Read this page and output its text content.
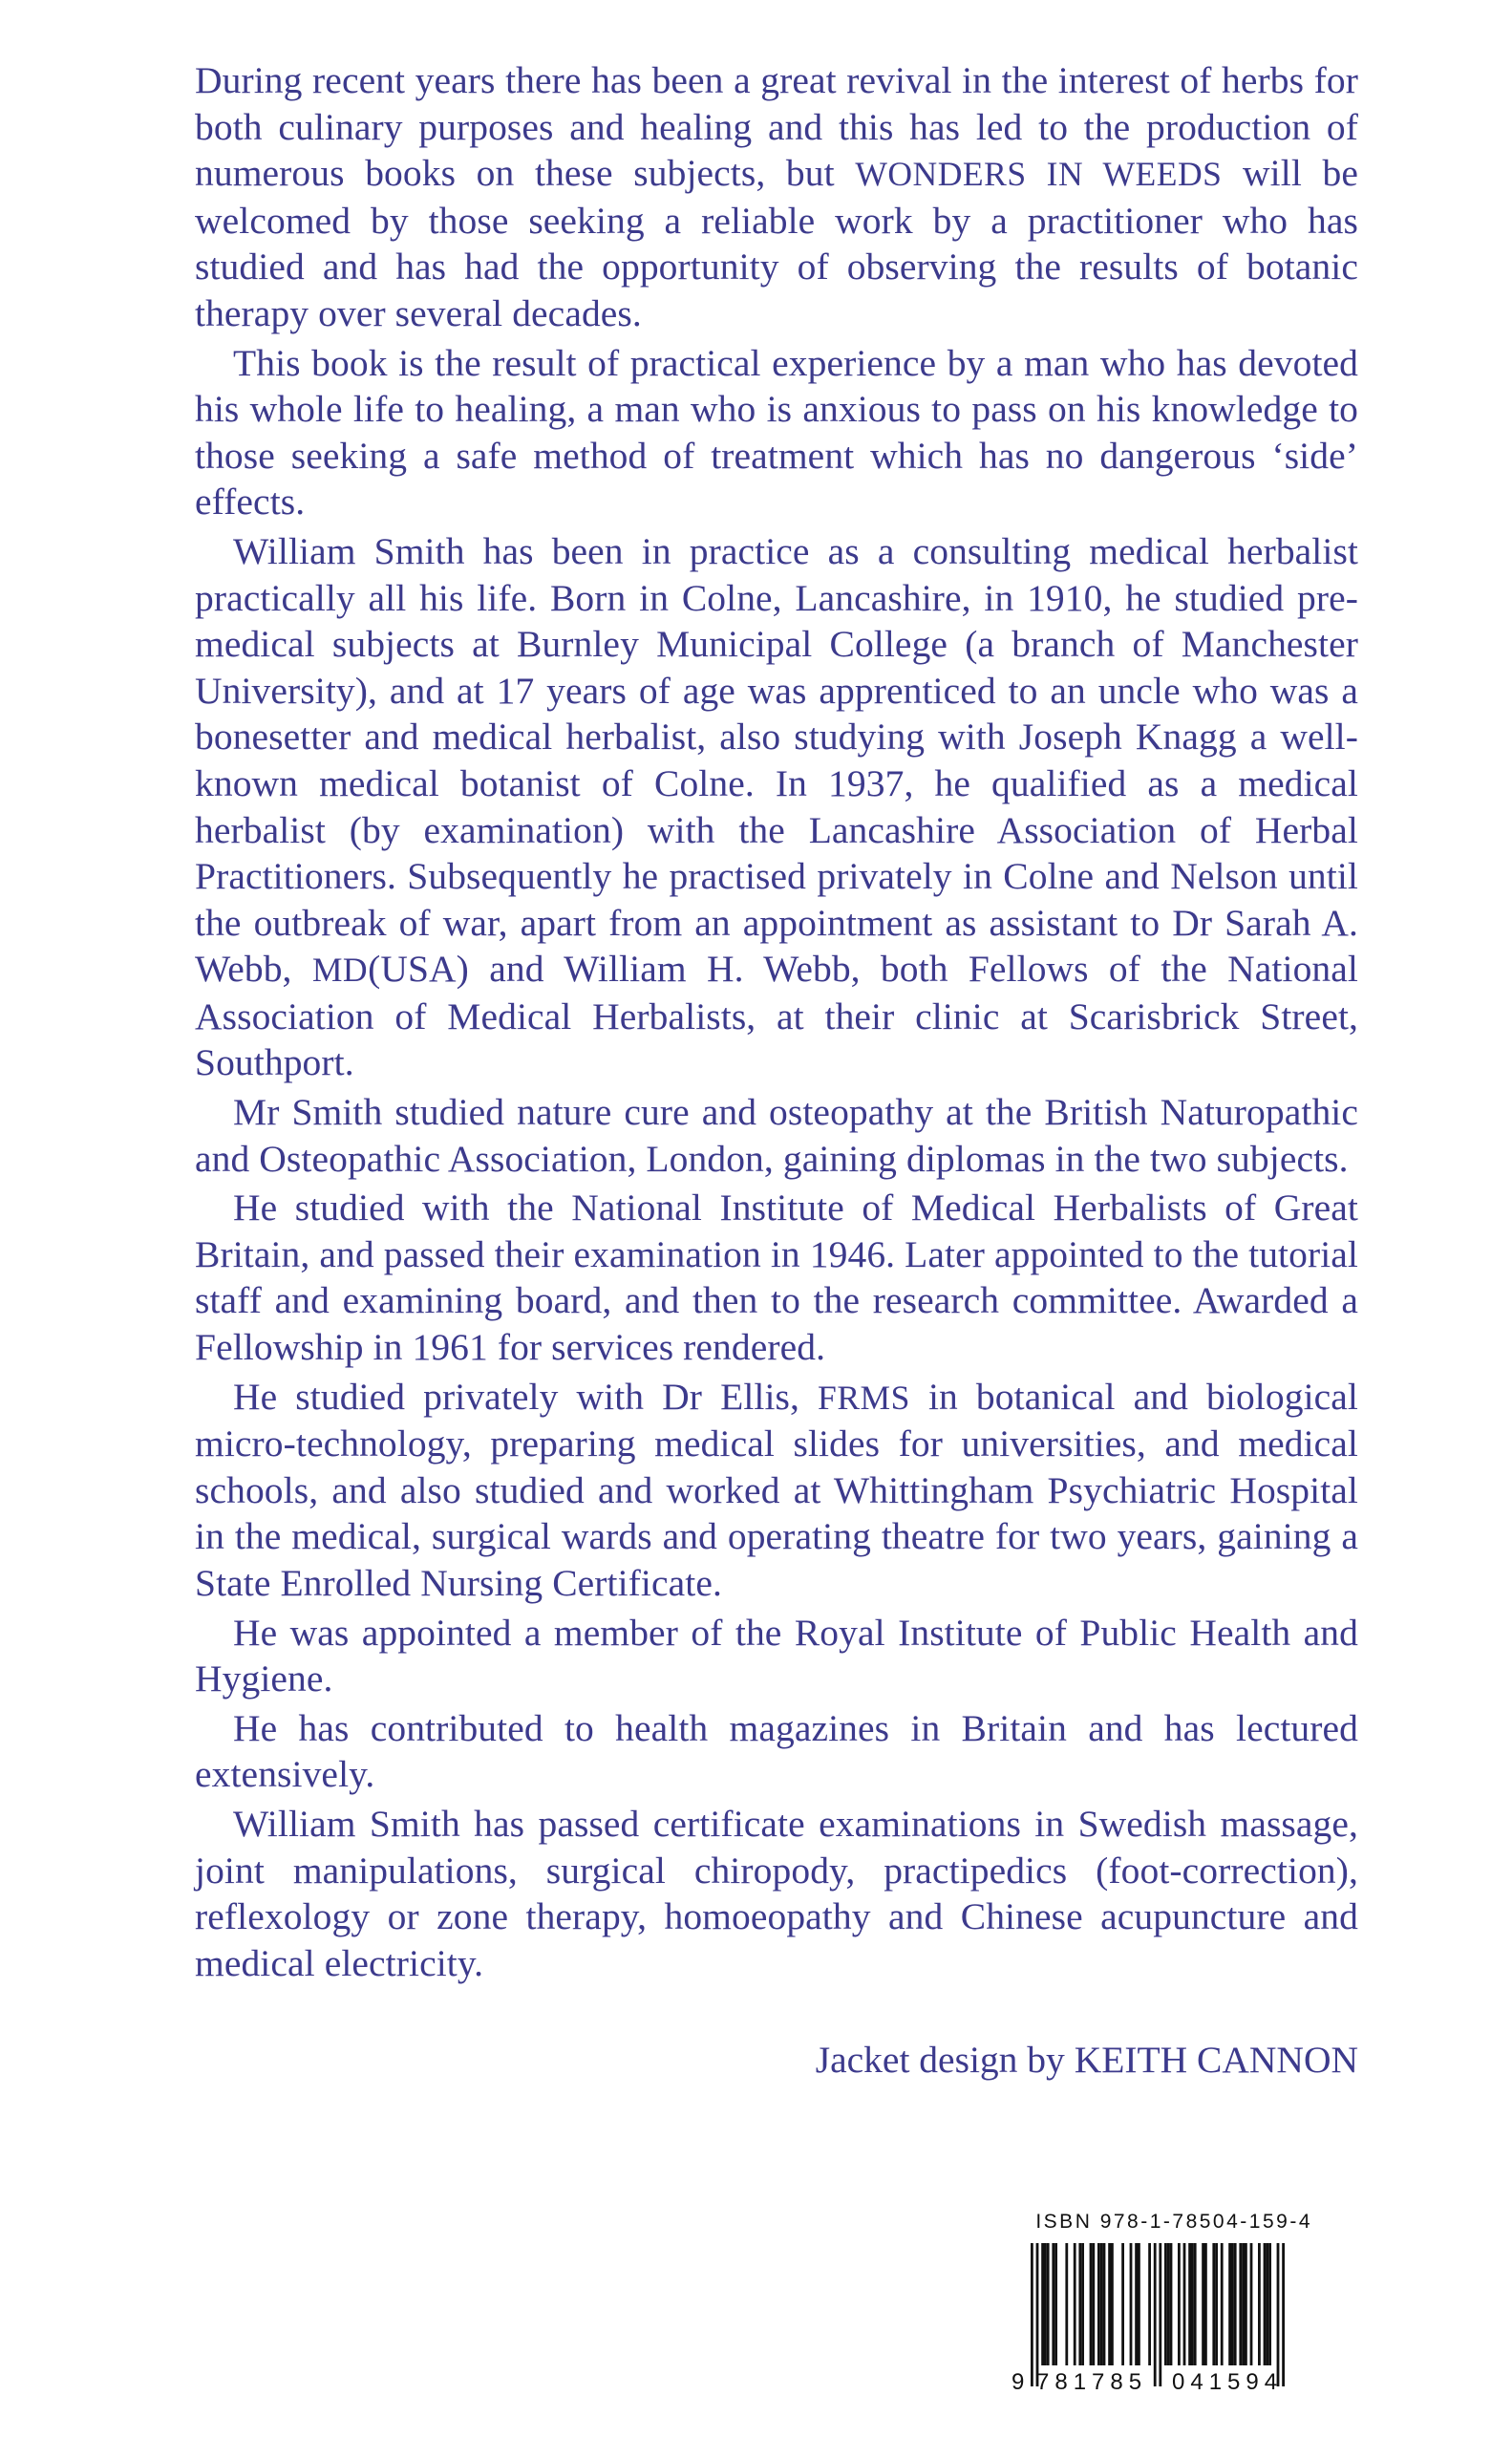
During recent years there has been a great revival in the interest of herbs for both culinary purposes and healing and this has led to the production of numerous books on these subjects, but WONDERS IN WEEDS will be welcomed by those seeking a reliable work by a practitioner who has studied and has had the opportunity of observing the results of botanic therapy over several decades.

This book is the result of practical experience by a man who has devoted his whole life to healing, a man who is anxious to pass on his knowledge to those seeking a safe method of treatment which has no dangerous ‘side’ effects.

William Smith has been in practice as a consulting medical herbalist practically all his life. Born in Colne, Lancashire, in 1910, he studied pre-medical subjects at Burnley Municipal College (a branch of Manchester University), and at 17 years of age was apprenticed to an uncle who was a bonesetter and medical herbalist, also studying with Joseph Knagg a well-known medical botanist of Colne. In 1937, he qualified as a medical herbalist (by examination) with the Lancashire Association of Herbal Practitioners. Subsequently he practised privately in Colne and Nelson until the outbreak of war, apart from an appointment as assistant to Dr Sarah A. Webb, MD(USA) and William H. Webb, both Fellows of the National Association of Medical Herbalists, at their clinic at Scarisbrick Street, Southport.

Mr Smith studied nature cure and osteopathy at the British Naturopathic and Osteopathic Association, London, gaining diplomas in the two subjects.

He studied with the National Institute of Medical Herbalists of Great Britain, and passed their examination in 1946. Later appointed to the tutorial staff and examining board, and then to the research committee. Awarded a Fellowship in 1961 for services rendered.

He studied privately with Dr Ellis, FRMS in botanical and biological micro-technology, preparing medical slides for universities, and medical schools, and also studied and worked at Whittingham Psychiatric Hospital in the medical, surgical wards and operating theatre for two years, gaining a State Enrolled Nursing Certificate.

He was appointed a member of the Royal Institute of Public Health and Hygiene.

He has contributed to health magazines in Britain and has lectured extensively.

William Smith has passed certificate examinations in Swedish massage, joint manipulations, surgical chiropody, practipedics (foot-correction), reflexology or zone therapy, homoeopathy and Chinese acupuncture and medical electricity.

Jacket design by KEITH CANNON
ISBN 978-1-78504-159-4
9 781785 041594
